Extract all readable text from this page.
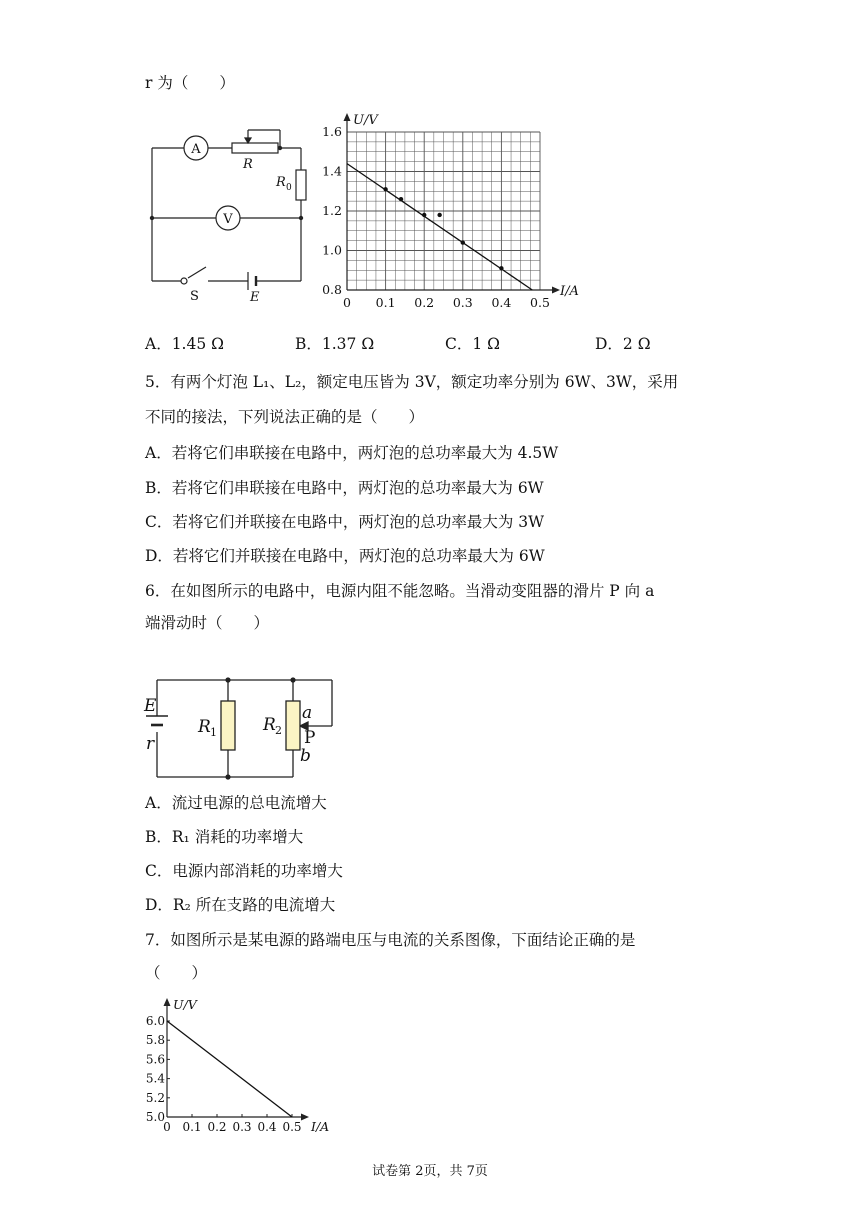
r 为（　　）
A
V
R
R 0
S	E	0 0.1 0.2 0.3 0.4 0.5
0.8
1.0
1.2
1.4
1.6
I/A
U/V
A．1.45 Ω	B．1.37 Ω	C．1 Ω	D．2 Ω
5．有两个灯泡 L₁、L₂，额定电压皆为 3V，额定功率分别为 6W、3W，采用
不同的接法，下列说法正确的是（　　）
A．若将它们串联接在电路中，两灯泡的总功率最大为 4.5W
B．若将它们串联接在电路中，两灯泡的总功率最大为 6W
C．若将它们并联接在电路中，两灯泡的总功率最大为 3W
D．若将它们并联接在电路中，两灯泡的总功率最大为 6W
6．在如图所示的电路中，电源内阻不能忽略。当滑动变阻器的滑片 P 向 a
端滑动时（　　）
E
r
R 1	R 2
a
P
b
A．流过电源的总电流增大
B．R₁ 消耗的功率增大
C．电源内部消耗的功率增大
D．R₂ 所在支路的电流增大
7．如图所示是某电源的路端电压与电流的关系图像，下面结论正确的是
（　　）
0 0.1 0.2 0.3 0.4 0.5
5.0
5.2
5.4
5.6
5.8
6.0
I/A
U/V
试卷第 2页，共 7页
